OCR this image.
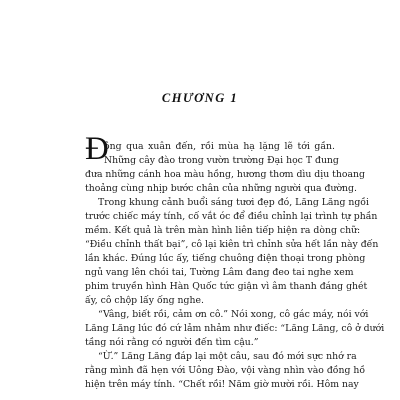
CHƯƠNG 1
Đ
ông qua xuân đến, rồi mùa hạ lặng lẽ tới gần.
Những cây đào trong vườn trường Đại học T đung
đưa những cánh hoa màu hồng, hương thơm dìu dịu thoang
thoảng cùng nhịp bước chân của những người qua đường.
Trong khung cảnh buổi sáng tươi đẹp đó, Lăng Lăng ngồi
trước chiếc máy tính, cố vắt óc để điều chỉnh lại trình tự phần
mềm. Kết quả là trên màn hình liên tiếp hiện ra dòng chữ:
“Điều chỉnh thất bại”, cô lại kiên trì chỉnh sửa hết lần này đến
lần khác. Đúng lúc ấy, tiếng chuông điện thoại trong phòng
ngủ vang lên chói tai, Tường Lâm đang đeo tai nghe xem
phim truyền hình Hàn Quốc tức giận vì âm thanh đáng ghét
ấy, cô chộp lấy ống nghe.
“Vâng, biết rồi, cảm ơn cô.” Nói xong, cô gác máy, nói với
Lăng Lăng lúc đó cứ lảm nhảm như điếc: “Lăng Lăng, cô ở dưới
tầng nói rằng có người đến tìm cậu.”
“Ừ.” Lăng Lăng đáp lại một câu, sau đó mới sực nhớ ra
rằng mình đã hẹn với Uông Đào, vội vàng nhìn vào đồng hồ
hiện trên máy tính. “Chết rồi! Năm giờ mười rồi. Hôm nay
